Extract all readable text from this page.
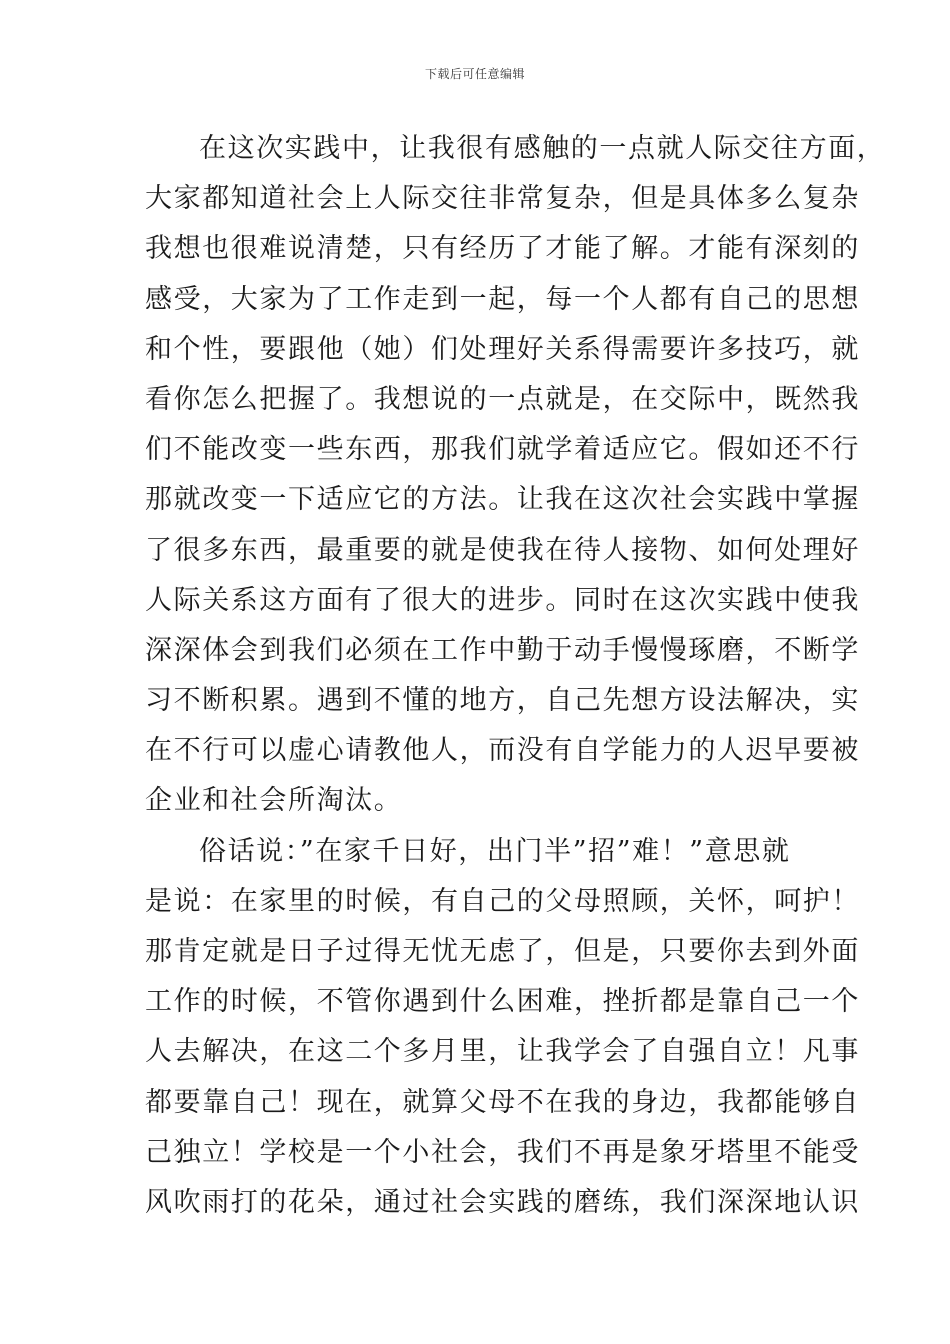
下载后可任意编辑
在这次实践中，让我很有感触的一点就人际交往方面，
大家都知道社会上人际交往非常复杂，但是具体多么复杂
我想也很难说清楚，只有经历了才能了解。才能有深刻的
感受，大家为了工作走到一起，每一个人都有自己的思想
和个性，要跟他（她）们处理好关系得需要许多技巧，就
看你怎么把握了。我想说的一点就是，在交际中，既然我
们不能改变一些东西，那我们就学着适应它。假如还不行
那就改变一下适应它的方法。让我在这次社会实践中掌握
了很多东西，最重要的就是使我在待人接物、如何处理好
人际关系这方面有了很大的进步。同时在这次实践中使我
深深体会到我们必须在工作中勤于动手慢慢琢磨，不断学
习不断积累。遇到不懂的地方，自己先想方设法解决，实
在不行可以虚心请教他人，而没有自学能力的人迟早要被
企业和社会所淘汰。
俗话说：”在家千日好，出门半”招”难！”意思就
是说：在家里的时候，有自己的父母照顾，关怀，呵护！
那肯定就是日子过得无忧无虑了，但是，只要你去到外面
工作的时候，不管你遇到什么困难，挫折都是靠自己一个
人去解决，在这二个多月里，让我学会了自强自立！凡事
都要靠自己！现在，就算父母不在我的身边，我都能够自
己独立！学校是一个小社会，我们不再是象牙塔里不能受
风吹雨打的花朵，通过社会实践的磨练，我们深深地认识
